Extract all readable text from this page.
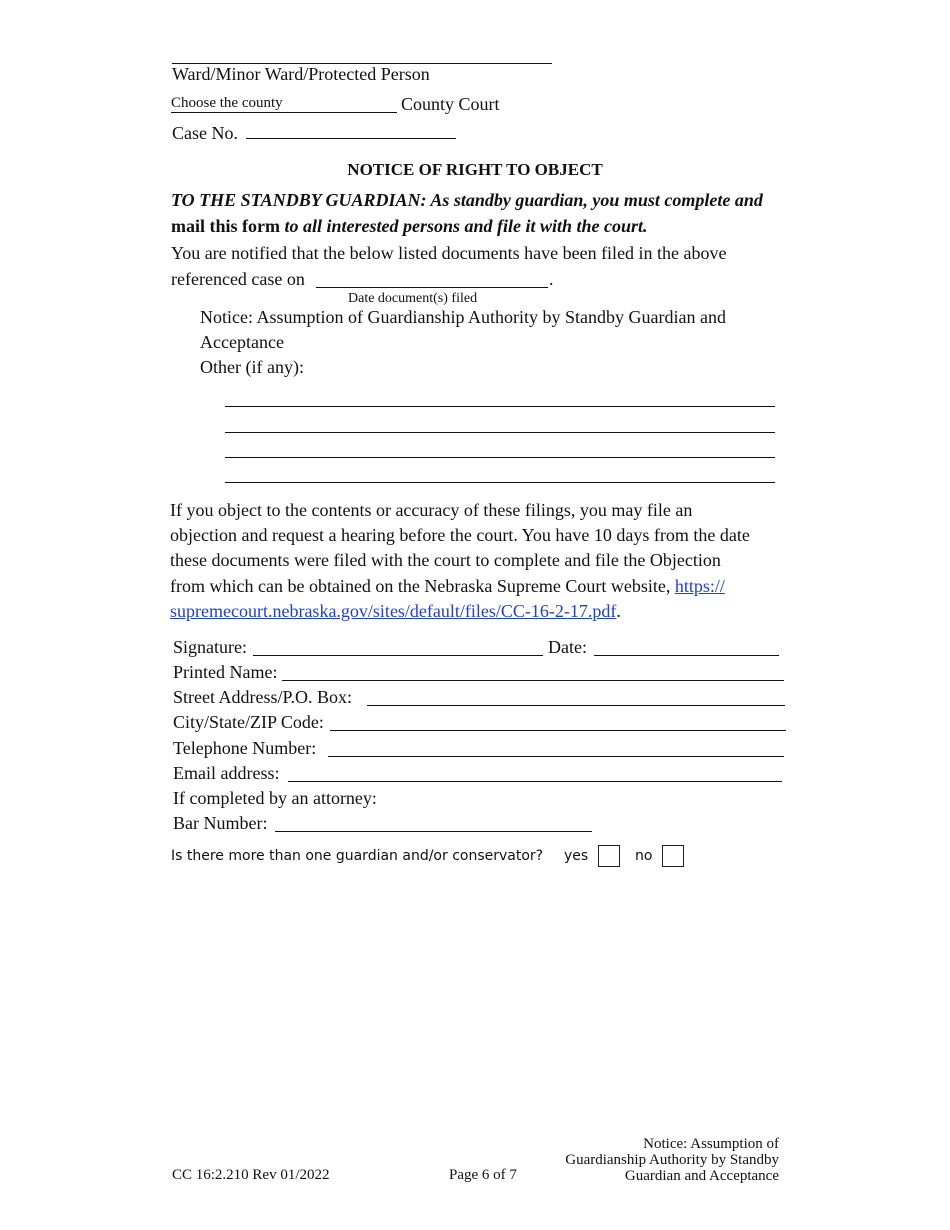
Ward/Minor Ward/Protected Person
Choose the county	County Court
Case No.
NOTICE OF RIGHT TO OBJECT
TO THE STANDBY GUARDIAN: As standby guardian, you must complete and
mail this form to all interested persons and file it with the court.
You are notified that the below listed documents have been filed in the above
referenced case on	.
Date document(s) filed
Notice: Assumption of Guardianship Authority by Standby Guardian and
Acceptance
Other (if any):
If you object to the contents or accuracy of these filings, you may file an
objection and request a hearing before the court. You have 10 days from the date
these documents were filed with the court to complete and file the Objection
from which can be obtained on the Nebraska Supreme Court website, https://
supremecourt.nebraska.gov/sites/default/files/CC-16-2-17.pdf.
Signature:	Date:
Printed Name:
Street Address/P.O. Box:
City/State/ZIP Code:
Telephone Number:
Email address:
If completed by an attorney:
Bar Number:
Is there more than one guardian and/or conservator? yes	no
CC 16:2.210 Rev 01/2022	Page 6 of 7
Notice: Assumption of
Guardianship Authority by Standby
Guardian and Acceptance
